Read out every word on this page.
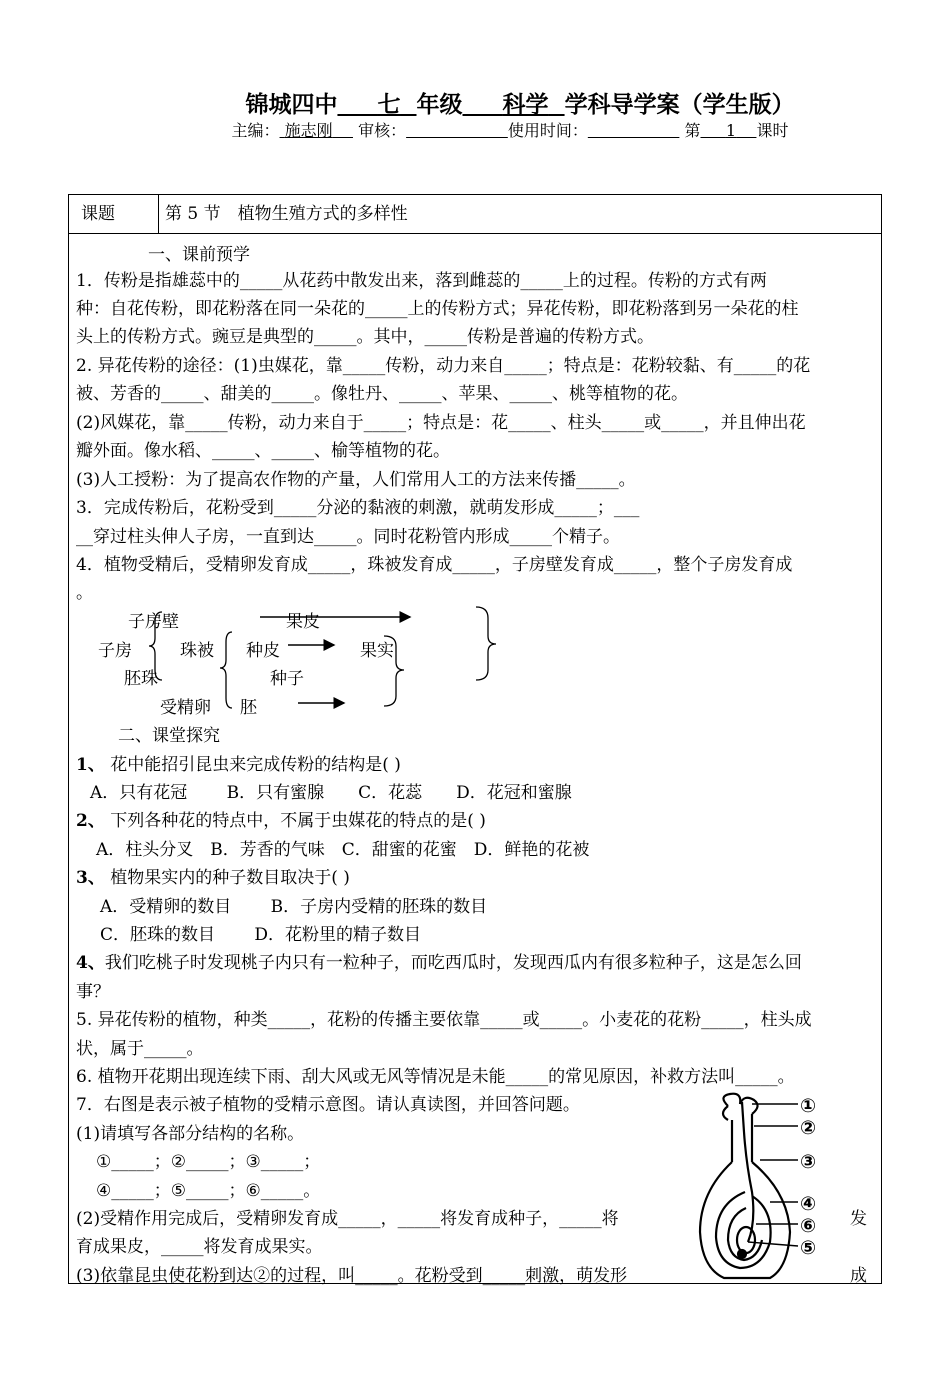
锦城四中 七 年级 科学 学科导学案（学生版）
主编： 施志刚 审核：	使用时间：	第 1 课时
课题	第 5 节　植物生殖方式的多样性
一、课前预学
1．传粉是指雄蕊中的_____从花药中散发出来，落到雌蕊的_____上的过程。传粉的方式有两
种：自花传粉，即花粉落在同一朵花的_____上的传粉方式；异花传粉，即花粉落到另一朵花的柱
头上的传粉方式。豌豆是典型的_____。其中，_____传粉是普遍的传粉方式。
2. 异花传粉的途径：(1)虫媒花，靠_____传粉，动力来自_____；特点是：花粉较黏、有_____的花
被、芳香的_____、甜美的_____。像牡丹、_____、苹果、_____、桃等植物的花。
(2)风媒花，靠_____传粉，动力来自于_____；特点是：花_____、柱头_____或_____，并且伸出花
瓣外面。像水稻、_____、_____、榆等植物的花。
(3)人工授粉：为了提高农作物的产量，人们常用人工的方法来传播_____。
3．完成传粉后，花粉受到_____分泌的黏液的刺激，就萌发形成_____；___
__穿过柱头伸人子房，一直到达_____。同时花粉管内形成_____个精子。
4．植物受精后，受精卵发育成_____，珠被发育成_____，子房壁发育成_____，整个子房发育成
。
子房壁	果皮
子房	珠被 种皮	果实
胚珠	种子
受精卵 胚
二、课堂探究
1、 花中能招引昆虫来完成传粉的结构是( )
A．只有花冠　　 B．只有蜜腺　　C．花蕊　　D．花冠和蜜腺
2、 下列各种花的特点中，不属于虫媒花的特点的是( )
A．柱头分叉　B．芳香的气味　C．甜蜜的花蜜　D．鲜艳的花被
3、 植物果实内的种子数目取决于( )
A．受精卵的数目　　 B．子房内受精的胚珠的数目
C．胚珠的数目　　 D．花粉里的精子数目
4、我们吃桃子时发现桃子内只有一粒种子，而吃西瓜时，发现西瓜内有很多粒种子，这是怎么回
事？
5. 异花传粉的植物，种类_____，花粉的传播主要依靠_____或_____。小麦花的花粉_____，柱头成
状，属于_____。
6. 植物开花期出现连续下雨、刮大风或无风等情况是未能_____的常见原因，补救方法叫_____。
7．右图是表示被子植物的受精示意图。请认真读图，并回答问题。
(1)请填写各部分结构的名称。
①_____；②_____；③_____；
④_____；⑤_____；⑥_____。
(2)受精作用完成后，受精卵发育成_____，_____将发育成种子，_____将	发
育成果皮，_____将发育成果实。
(3)依靠昆虫使花粉到达②的过程，叫_____。花粉受到_____刺激，萌发形	成
①
②
③
④
⑥
⑤
